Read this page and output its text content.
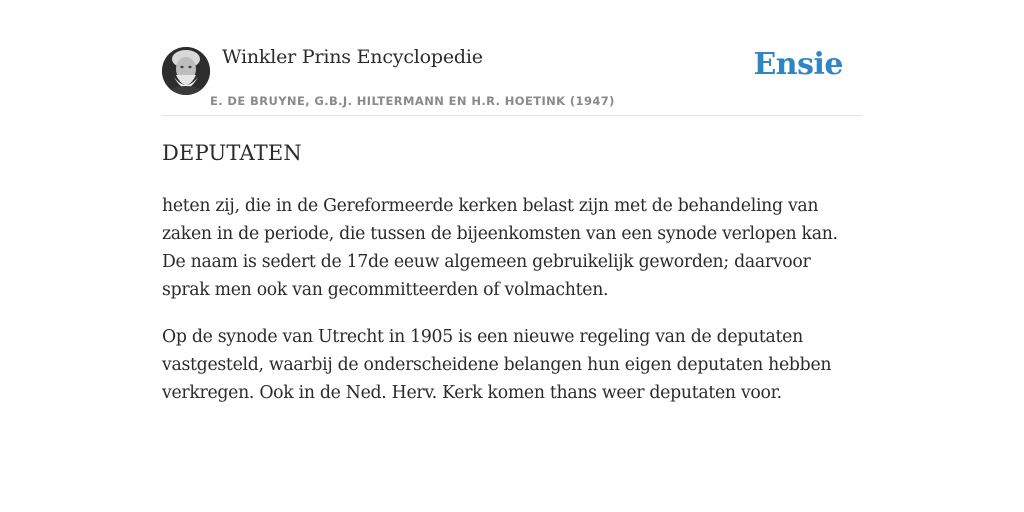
Winkler Prins Encyclopedie
E. DE BRUYNE, G.B.J. HILTERMANN EN H.R. HOETINK (1947)
Ensie
DEPUTATEN

heten zij, die in de Gereformeerde kerken belast zijn met de behandeling van zaken in de periode, die tussen de bijeenkomsten van een synode verlopen kan. De naam is sedert de 17de eeuw algemeen gebruikelijk geworden; daarvoor sprak men ook van gecommitteerden of volmachten.

Op de synode van Utrecht in 1905 is een nieuwe regeling van de deputaten vastgesteld, waarbij de onderscheidene belangen hun eigen deputaten hebben verkregen. Ook in de Ned. Herv. Kerk komen thans weer deputaten voor.
